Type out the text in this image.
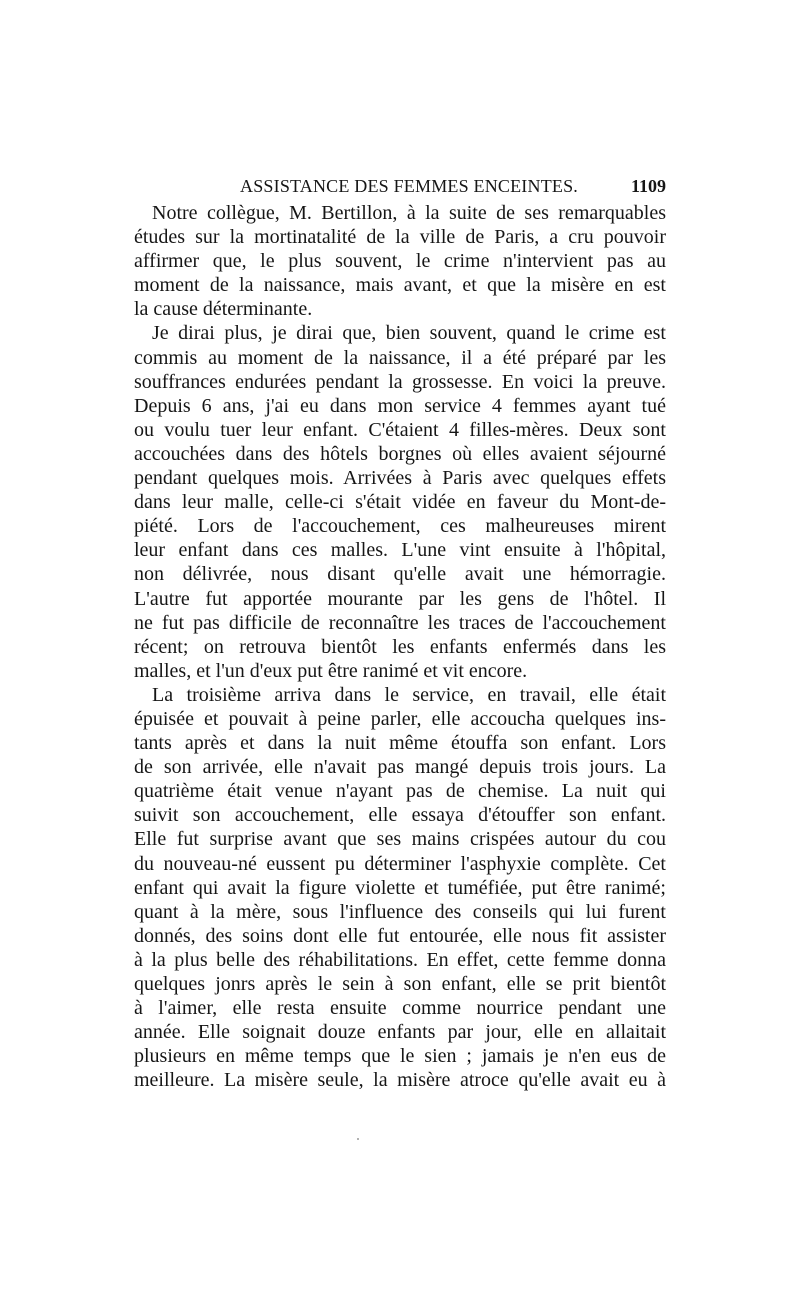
ASSISTANCE DES FEMMES ENCEINTES.	1109

Notre collègue, M. Bertillon, à la suite de ses remarquables
études sur la mortinatalité de la ville de Paris, a cru pouvoir
affirmer que, le plus souvent, le crime n'intervient pas au
moment de la naissance, mais avant, et que la misère en est
la cause déterminante.

Je dirai plus, je dirai que, bien souvent, quand le crime est
commis au moment de la naissance, il a été préparé par les
souffrances endurées pendant la grossesse. En voici la preuve.
Depuis 6 ans, j'ai eu dans mon service 4 femmes ayant tué
ou voulu tuer leur enfant. C'étaient 4 filles-mères. Deux sont
accouchées dans des hôtels borgnes où elles avaient séjourné
pendant quelques mois. Arrivées à Paris avec quelques effets
dans leur malle, celle-ci s'était vidée en faveur du Mont-de-
piété. Lors de l'accouchement, ces malheureuses mirent
leur enfant dans ces malles. L'une vint ensuite à l'hôpital,
non délivrée, nous disant qu'elle avait une hémorragie.
L'autre fut apportée mourante par les gens de l'hôtel. Il
ne fut pas difficile de reconnaître les traces de l'accouchement
récent; on retrouva bientôt les enfants enfermés dans les
malles, et l'un d'eux put être ranimé et vit encore.

La troisième arriva dans le service, en travail, elle était
épuisée et pouvait à peine parler, elle accoucha quelques ins-
tants après et dans la nuit même étouffa son enfant. Lors
de son arrivée, elle n'avait pas mangé depuis trois jours. La
quatrième était venue n'ayant pas de chemise. La nuit qui
suivit son accouchement, elle essaya d'étouffer son enfant.
Elle fut surprise avant que ses mains crispées autour du cou
du nouveau-né eussent pu déterminer l'asphyxie complète. Cet
enfant qui avait la figure violette et tuméfiée, put être ranimé;
quant à la mère, sous l'influence des conseils qui lui furent
donnés, des soins dont elle fut entourée, elle nous fit assister
à la plus belle des réhabilitations. En effet, cette femme donna
quelques jonrs après le sein à son enfant, elle se prit bientôt
à l'aimer, elle resta ensuite comme nourrice pendant une
année. Elle soignait douze enfants par jour, elle en allaitait
plusieurs en même temps que le sien ; jamais je n'en eus de
meilleure. La misère seule, la misère atroce qu'elle avait eu à
